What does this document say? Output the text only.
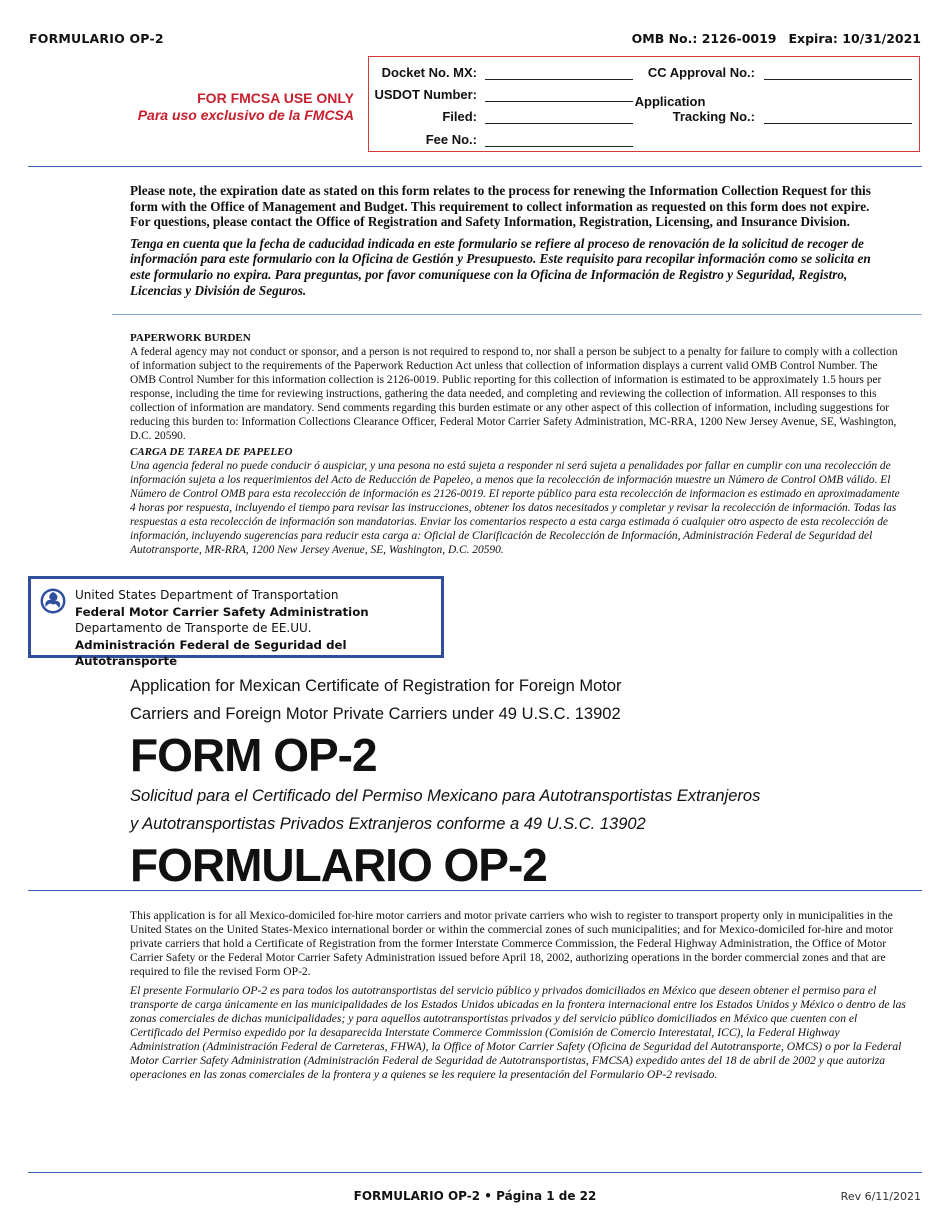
FORMULARIO OP-2	OMB No.: 2126-0019 Expira: 10/31/2021
FOR FMCSA USE ONLY
Para uso exclusivo de la FMCSA
Docket No. MX:
USDOT Number:
Filed:
Fee No.:
CC Approval No.:
Application
Tracking No.:

Please note, the expiration date as stated on this form relates to the process for renewing the Information Collection Request for this form with the Office of Management and Budget. This requirement to collect information as requested on this form does not expire. For questions, please contact the Office of Registration and Safety Information, Registration, Licensing, and Insurance Division.

Tenga en cuenta que la fecha de caducidad indicada en este formulario se refiere al proceso de renovación de la solicitud de recoger de información para este formulario con la Oficina de Gestión y Presupuesto. Este requisito para recopilar información como se solicita en este formulario no expira. Para preguntas, por favor comuníquese con la Oficina de Información de Registro y Seguridad, Registro, Licencias y División de Seguros.

PAPERWORK BURDEN

A federal agency may not conduct or sponsor, and a person is not required to respond to, nor shall a person be subject to a penalty for failure to comply with a collection of information subject to the requirements of the Paperwork Reduction Act unless that collection of information displays a current valid OMB Control Number. The OMB Control Number for this information collection is 2126-0019. Public reporting for this collection of information is estimated to be approximately 1.5 hours per response, including the time for reviewing instructions, gathering the data needed, and completing and reviewing the collection of information. All responses to this collection of information are mandatory. Send comments regarding this burden estimate or any other aspect of this collection of information, including suggestions for reducing this burden to: Information Collections Clearance Officer, Federal Motor Carrier Safety Administration, MC-RRA, 1200 New Jersey Avenue, SE, Washington, D.C. 20590.

CARGA DE TAREA DE PAPELEO

Una agencia federal no puede conducir ó auspiciar, y una pesona no está sujeta a responder ni será sujeta a penalidades por fallar en cumplir con una recolección de información sujeta a los requerimientos del Acto de Reducción de Papeleo, a menos que la recolección de información muestre un Número de Control OMB válido. El Número de Control OMB para esta recolección de información es 2126-0019. El reporte público para esta recolección de informacion es estimado en aproximadamente 4 horas por respuesta, incluyendo el tiempo para revisar las instrucciones, obtener los datos necesitados y completar y revisar la recolección de información. Todas las respuestas a esta recolección de información son mandatorias. Enviar los comentarios respecto a esta carga estimada ó cualquier otro aspecto de esta recolección de información, incluyendo sugerencias para reducir esta carga a: Oficial de Clarificación de Recolección de Información, Administración Federal de Seguridad del Autotransporte, MR-RRA, 1200 New Jersey Avenue, SE, Washington, D.C. 20590.

United States Department of Transportation
Federal Motor Carrier Safety Administration
Departamento de Transporte de EE.UU.
Administración Federal de Seguridad del Autotransporte
Application for Mexican Certificate of Registration for Foreign Motor
Carriers and Foreign Motor Private Carriers under 49 U.S.C. 13902
FORM OP-2
Solicitud para el Certificado del Permiso Mexicano para Autotransportistas Extranjeros
y Autotransportistas Privados Extranjeros conforme a 49 U.S.C. 13902
FORMULARIO OP-2

This application is for all Mexico-domiciled for-hire motor carriers and motor private carriers who wish to register to transport property only in municipalities in the United States on the United States-Mexico international border or within the commercial zones of such municipalities; and for Mexico-domiciled for-hire and motor private carriers that hold a Certificate of Registration from the former Interstate Commerce Commission, the Federal Highway Administration, the Office of Motor Carrier Safety or the Federal Motor Carrier Safety Administration issued before April 18, 2002, authorizing operations in the border commercial zones and that are required to file the revised Form OP-2.

El presente Formulario OP-2 es para todos los autotransportistas del servicio público y privados domiciliados en México que deseen obtener el permiso para el transporte de carga únicamente en las municipalidades de los Estados Unidos ubicadas en la frontera internacional entre los Estados Unidos y México o dentro de las zonas comerciales de dichas municipalidades; y para aquellos autotransportistas privados y del servicio público domiciliados en México que cuenten con el Certificado del Permiso expedido por la desaparecida Interstate Commerce Commission (Comisión de Comercio Interestatal, ICC), la Federal Highway Administration (Administración Federal de Carreteras, FHWA), la Office of Motor Carrier Safety (Oficina de Seguridad del Autotransporte, OMCS) o por la Federal Motor Carrier Safety Administration (Administración Federal de Seguridad de Autotransportistas, FMCSA) expedido antes del 18 de abril de 2002 y que autoriza operaciones en las zonas comerciales de la frontera y a quienes se les requiere la presentación del Formulario OP-2 revisado.

FORMULARIO OP-2 • Página 1 de 22	Rev 6/11/2021
